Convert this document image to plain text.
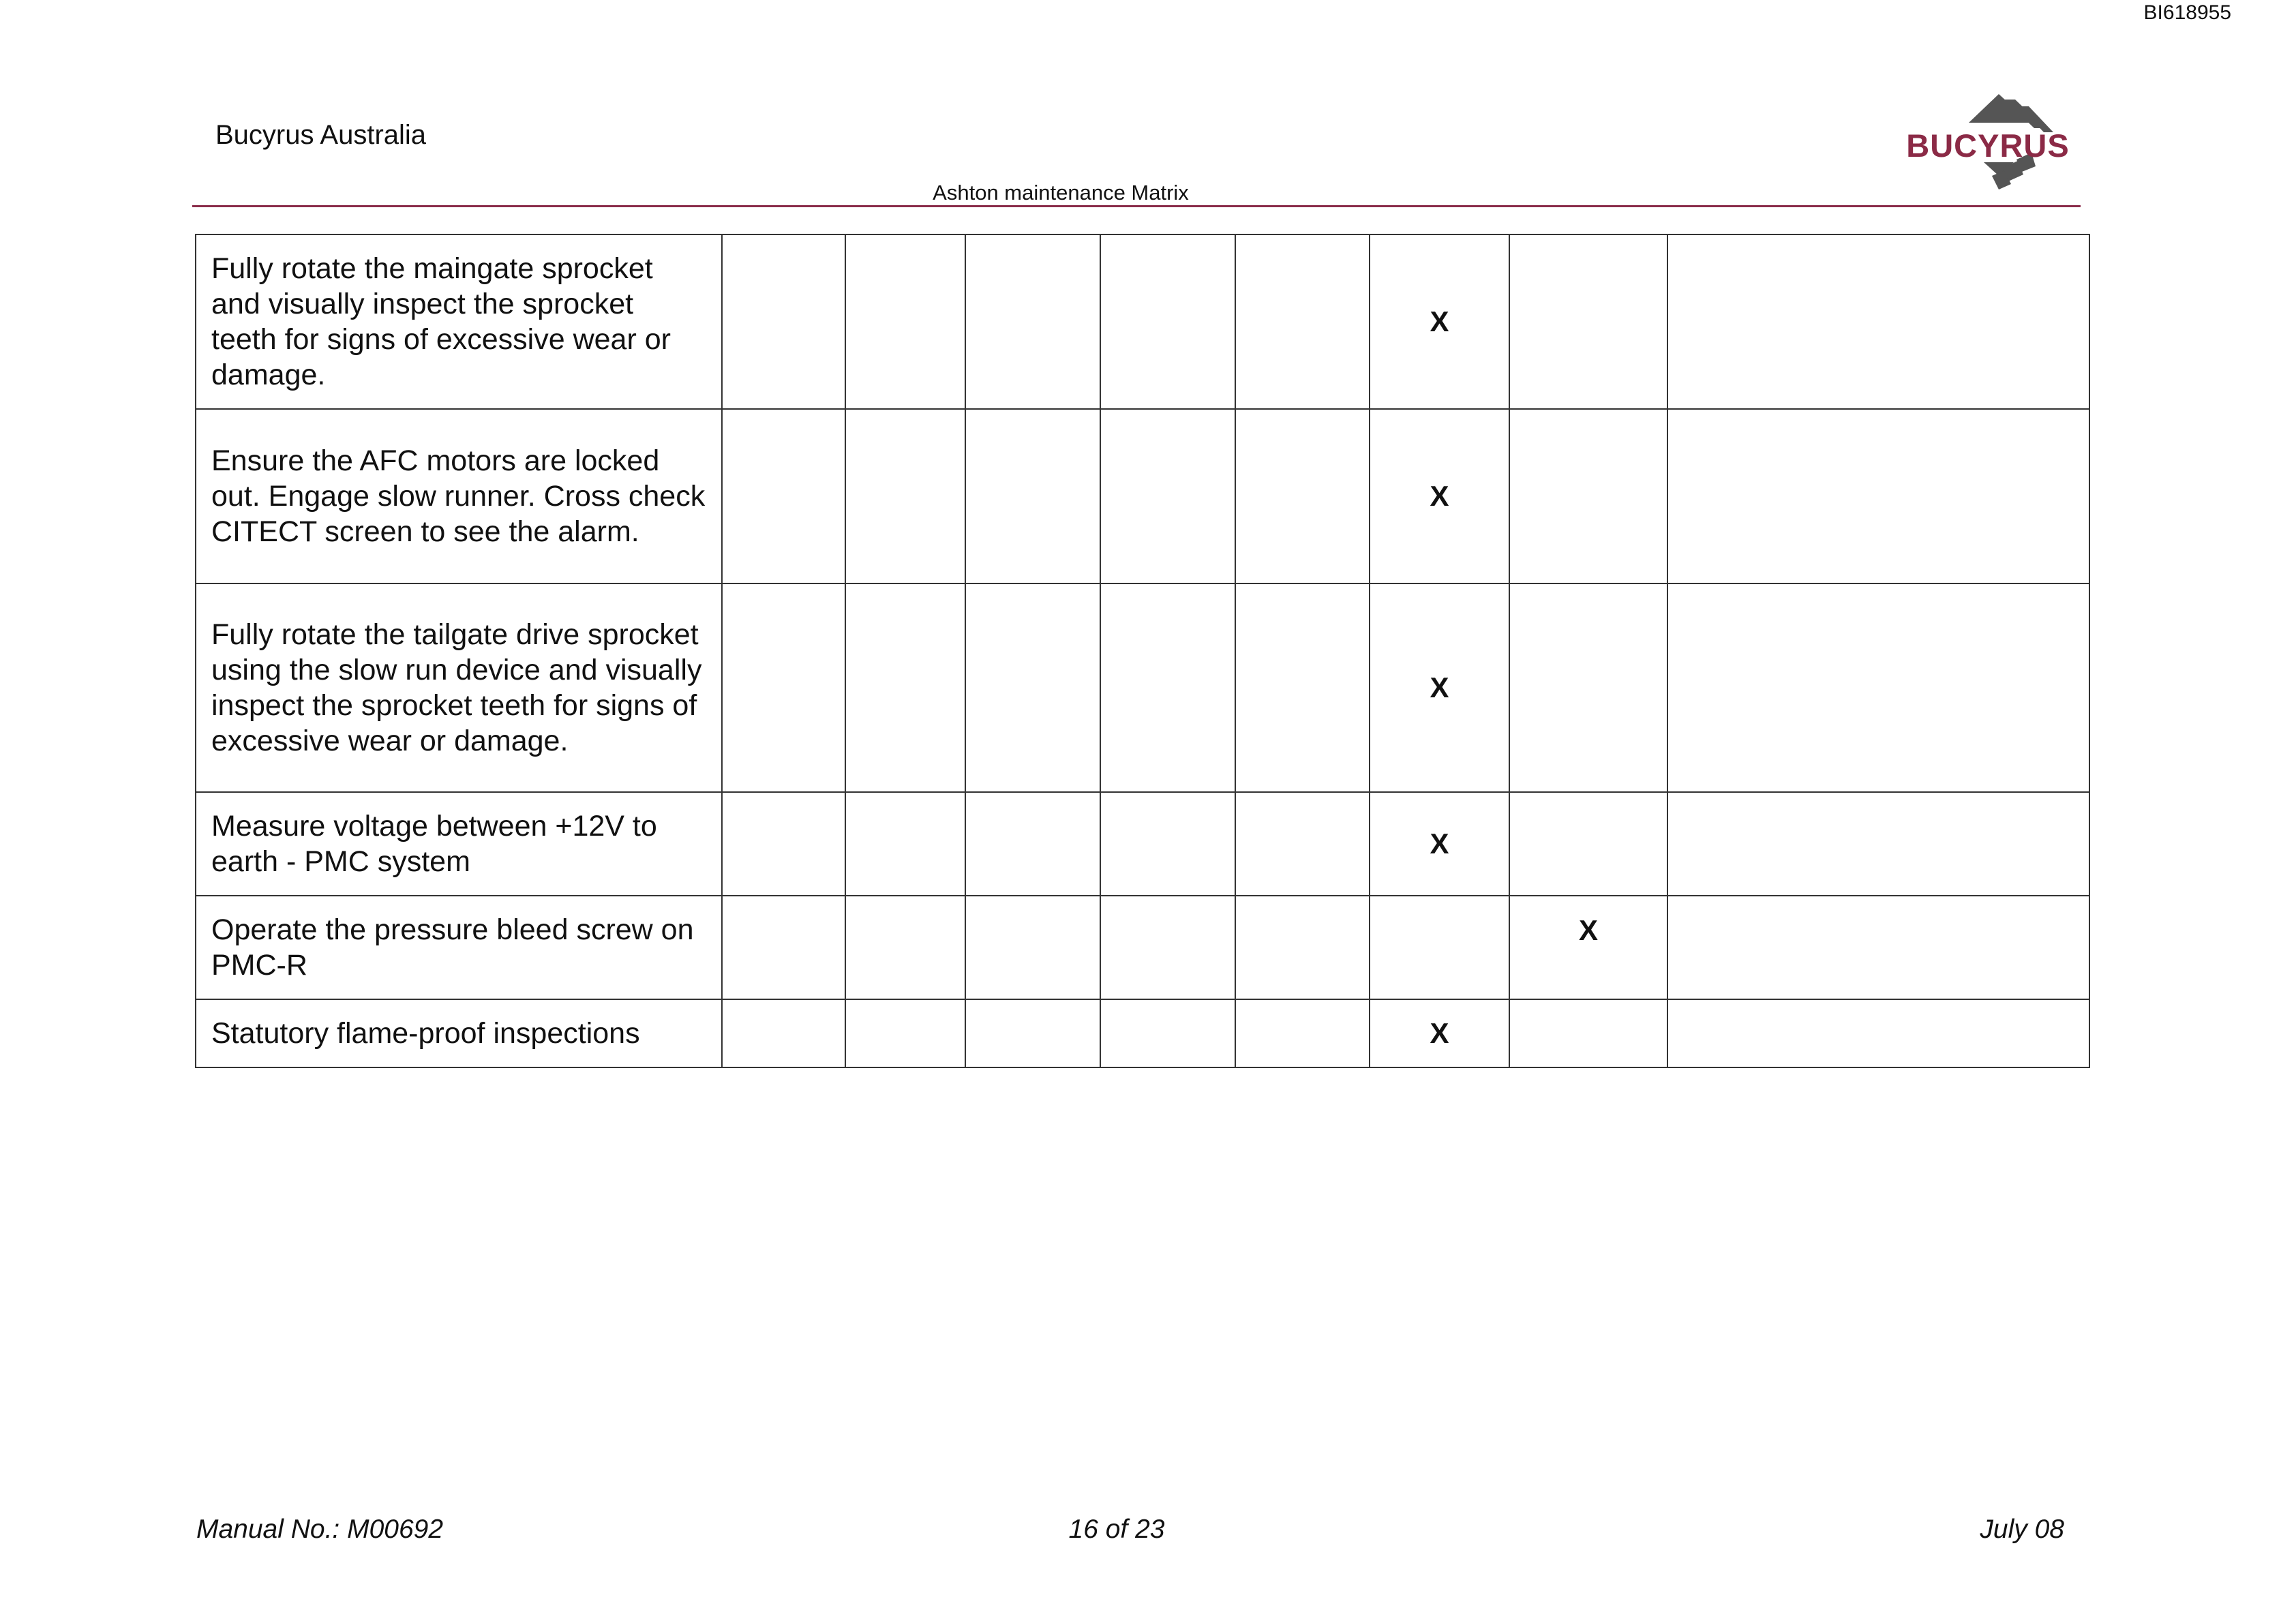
BI618955
Bucyrus Australia
Ashton maintenance Matrix
BUCYRUS
Fully rotate the maingate sprocket and visually inspect the sprocket teeth for signs of excessive wear or damage.						X		
Ensure the AFC motors are locked out. Engage slow runner. Cross check CITECT screen to see the alarm.						X		
Fully rotate the tailgate drive sprocket using the slow run device and visually inspect the sprocket teeth for signs of excessive wear or damage.						X		
Measure voltage between +12V to earth - PMC system						X		
Operate the pressure bleed screw on PMC-R							X	
Statutory flame-proof inspections						X		
Manual No.: M00692	16 of 23	July 08
